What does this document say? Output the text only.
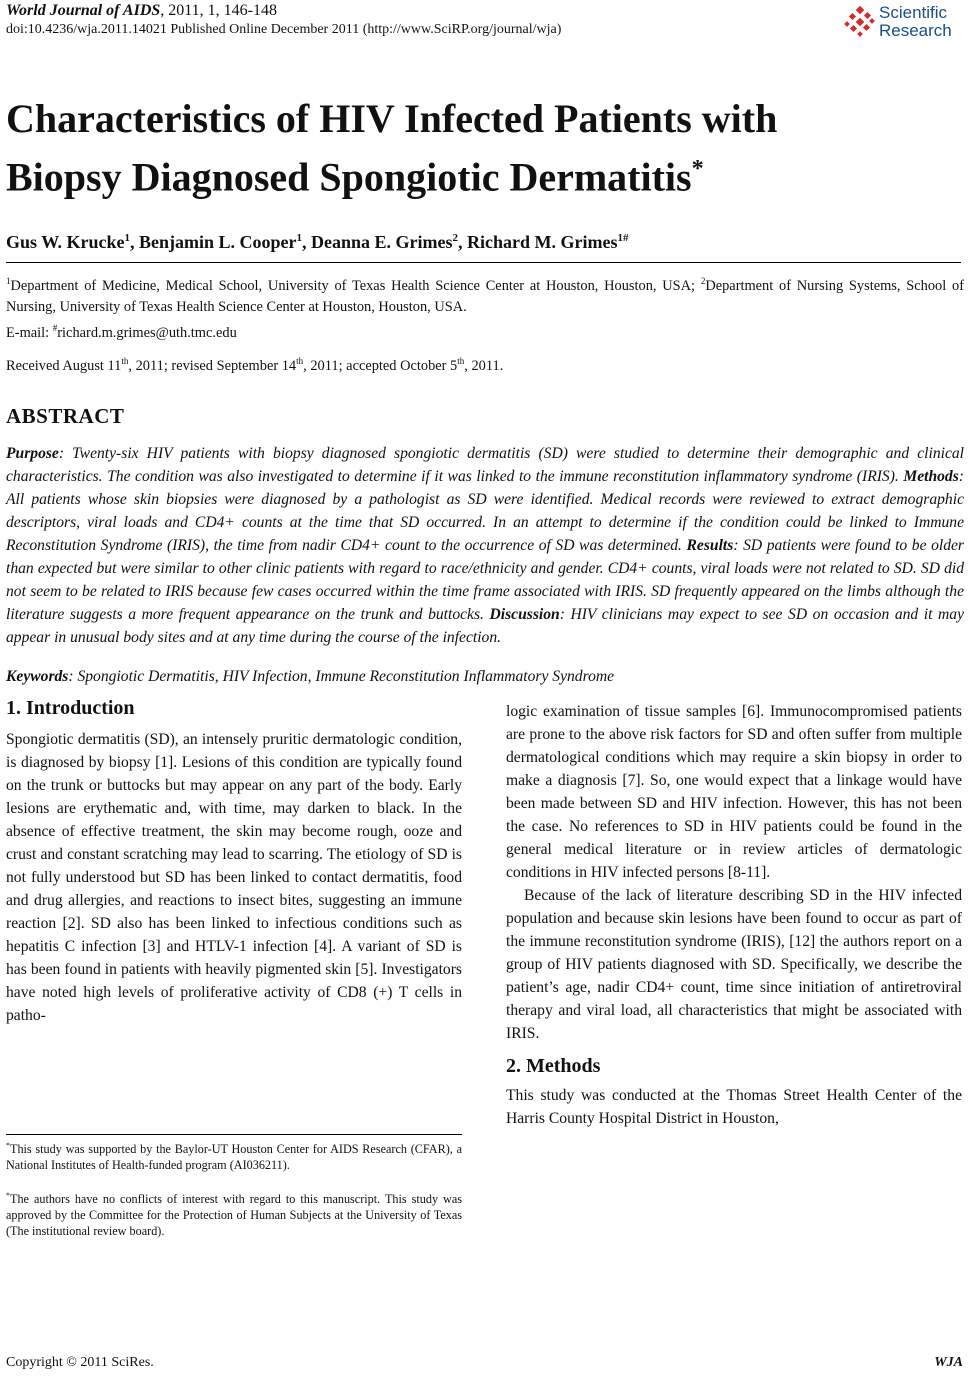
World Journal of AIDS, 2011, 1, 146-148
doi:10.4236/wja.2011.14021 Published Online December 2011 (http://www.SciRP.org/journal/wja)
Scientific
Research
Characteristics of HIV Infected Patients with
Biopsy Diagnosed Spongiotic Dermatitis*
Gus W. Krucke$^1$, Benjamin L. Cooper$^1$, Deanna E. Grimes$^2$, Richard M. Grimes$^{1\#}$
$^1$Department of Medicine, Medical School, University of Texas Health Science Center at Houston, Houston, USA; $^2$Department of Nursing Systems, School of Nursing, University of Texas Health Science Center at Houston, Houston, USA.
E-mail: #richard.m.grimes@uth.tmc.edu
Received August 11th, 2011; revised September 14th, 2011; accepted October 5th, 2011.
ABSTRACT
Purpose: Twenty-six HIV patients with biopsy diagnosed spongiotic dermatitis (SD) were studied to determine their demographic and clinical characteristics. The condition was also investigated to determine if it was linked to the immune reconstitution inflammatory syndrome (IRIS). Methods: All patients whose skin biopsies were diagnosed by a pathologist as SD were identified. Medical records were reviewed to extract demographic descriptors, viral loads and CD4+ counts at the time that SD occurred. In an attempt to determine if the condition could be linked to Immune Reconstitution Syndrome (IRIS), the time from nadir CD4+ count to the occurrence of SD was determined. Results: SD patients were found to be older than expected but were similar to other clinic patients with regard to race/ethnicity and gender. CD4+ counts, viral loads were not related to SD. SD did not seem to be related to IRIS because few cases occurred within the time frame associated with IRIS. SD frequently appeared on the limbs although the literature suggests a more frequent appearance on the trunk and buttocks. Discussion: HIV clinicians may expect to see SD on occasion and it may appear in unusual body sites and at any time during the course of the infection.
Keywords: Spongiotic Dermatitis, HIV Infection, Immune Reconstitution Inflammatory Syndrome
1. Introduction

Spongiotic dermatitis (SD), an intensely pruritic dermatologic condition, is diagnosed by biopsy [1]. Lesions of this condition are typically found on the trunk or buttocks but may appear on any part of the body. Early lesions are erythematic and, with time, may darken to black. In the absence of effective treatment, the skin may become rough, ooze and crust and constant scratching may lead to scarring. The etiology of SD is not fully understood but SD has been linked to contact dermatitis, food and drug allergies, and reactions to insect bites, suggesting an immune reaction [2]. SD also has been linked to infectious conditions such as hepatitis C infection [3] and HTLV-1 infection [4]. A variant of SD is has been found in patients with heavily pigmented skin [5]. Investigators have noted high levels of proliferative activity of CD8 (+) T cells in patho-

logic examination of tissue samples [6]. Immunocompromised patients are prone to the above risk factors for SD and often suffer from multiple dermatological conditions which may require a skin biopsy in order to make a diagnosis [7]. So, one would expect that a linkage would have been made between SD and HIV infection. However, this has not been the case. No references to SD in HIV patients could be found in the general medical literature or in review articles of dermatologic conditions in HIV infected persons [8-11].

Because of the lack of literature describing SD in the HIV infected population and because skin lesions have been found to occur as part of the immune reconstitution syndrome (IRIS), [12] the authors report on a group of HIV patients diagnosed with SD. Specifically, we describe the patient’s age, nadir CD4+ count, time since initiation of antiretroviral therapy and viral load, all characteristics that might be associated with IRIS.

2. Methods

This study was conducted at the Thomas Street Health Center of the Harris County Hospital District in Houston,

*This study was supported by the Baylor-UT Houston Center for AIDS Research (CFAR), a National Institutes of Health-funded program (AI036211).
*The authors have no conflicts of interest with regard to this manuscript. This study was approved by the Committee for the Protection of Human Subjects at the University of Texas (The institutional review board).
Copyright © 2011 SciRes.	WJA
